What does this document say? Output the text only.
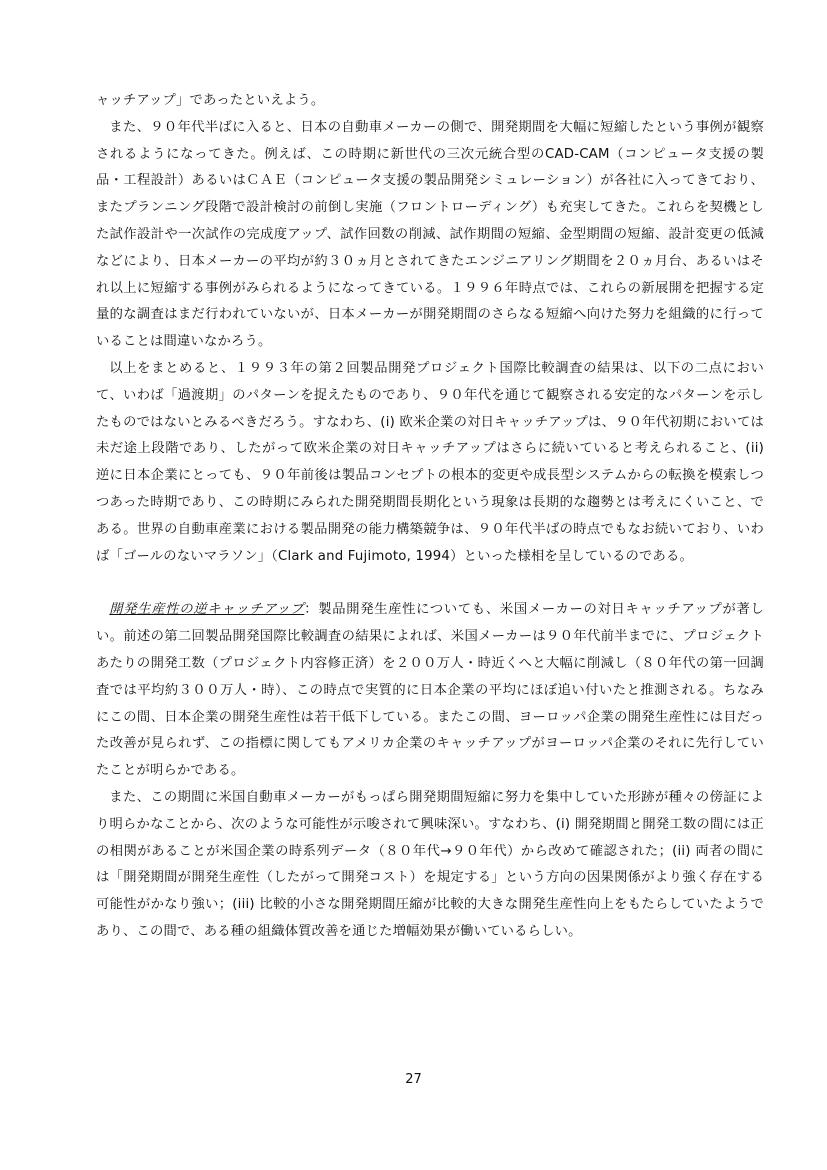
ャッチアップ」であったといえよう。

また、９０年代半ばに入ると、日本の自動車メーカーの側で、開発期間を大幅に短縮したという事例が観察されるようになってきた。例えば、この時期に新世代の三次元統合型のCAD‐CAM（コンピュータ支援の製品・工程設計）あるいはＣＡＥ（コンピュータ支援の製品開発シミュレーション）が各社に入ってきており、またプランニング段階で設計検討の前倒し実施（フロントローディング）も充実してきた。これらを契機とした試作設計や一次試作の完成度アップ、試作回数の削減、試作期間の短縮、金型期間の短縮、設計変更の低減などにより、日本メーカーの平均が約３０ヵ月とされてきたエンジニアリング期間を２０ヵ月台、あるいはそれ以上に短縮する事例がみられるようになってきている。１９９６年時点では、これらの新展開を把握する定量的な調査はまだ行われていないが、日本メーカーが開発期間のさらなる短縮へ向けた努力を組織的に行っていることは間違いなかろう。

以上をまとめると、１９９３年の第２回製品開発プロジェクト国際比較調査の結果は、以下の二点において、いわば「過渡期」のパターンを捉えたものであり、９０年代を通じて観察される安定的なパターンを示したものではないとみるべきだろう。すなわち、(i) 欧米企業の対日キャッチアップは、９０年代初期においては未だ途上段階であり、したがって欧米企業の対日キャッチアップはさらに続いていると考えられること、(ii) 逆に日本企業にとっても、９０年前後は製品コンセプトの根本的変更や成長型システムからの転換を模索しつつあった時期であり、この時期にみられた開発期間長期化という現象は長期的な趨勢とは考えにくいこと、である。世界の自動車産業における製品開発の能力構築競争は、９０年代半ばの時点でもなお続いており、いわば「ゴールのないマラソン」（Clark and Fujimoto, 1994）といった様相を呈しているのである。

開発生産性の逆キャッチアップ：製品開発生産性についても、米国メーカーの対日キャッチアップが著しい。前述の第二回製品開発国際比較調査の結果によれば、米国メーカーは９０年代前半までに、プロジェクトあたりの開発工数（プロジェクト内容修正済）を２００万人・時近くへと大幅に削減し（８０年代の第一回調査では平均約３００万人・時）、この時点で実質的に日本企業の平均にほぼ追い付いたと推測される。ちなみにこの間、日本企業の開発生産性は若干低下している。またこの間、ヨーロッパ企業の開発生産性には目だった改善が見られず、この指標に関してもアメリカ企業のキャッチアップがヨーロッパ企業のそれに先行していたことが明らかである。

また、この期間に米国自動車メーカーがもっぱら開発期間短縮に努力を集中していた形跡が種々の傍証により明らかなことから、次のような可能性が示唆されて興味深い。すなわち、(i) 開発期間と開発工数の間には正の相関があることが米国企業の時系列データ（８０年代→９０年代）から改めて確認された；(ii) 両者の間には「開発期間が開発生産性（したがって開発コスト）を規定する」という方向の因果関係がより強く存在する可能性がかなり強い；(iii) 比較的小さな開発期間圧縮が比較的大きな開発生産性向上をもたらしていたようであり、この間で、ある種の組織体質改善を通じた増幅効果が働いているらしい。

27
